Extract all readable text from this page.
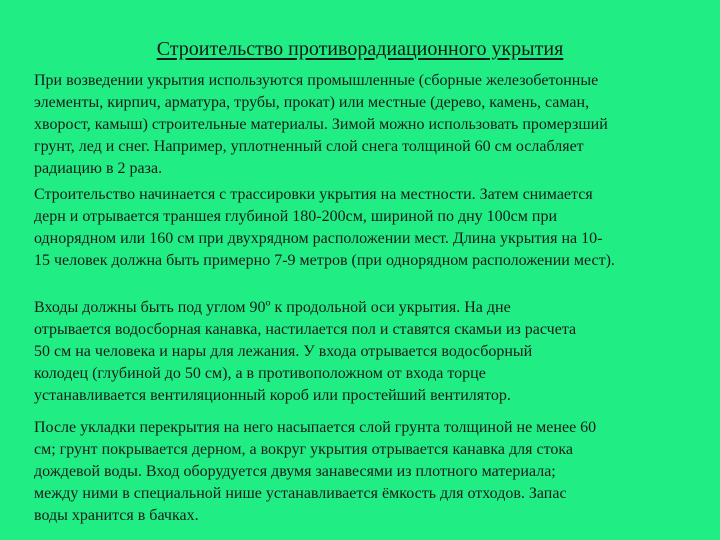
Строительство противорадиационного укрытия

При возведении укрытия используются промышленные (сборные железобетонные
элементы, кирпич, арматура, трубы, прокат) или местные (дерево, камень, саман,
хворост, камыш) строительные материалы. Зимой можно использовать промерзший
грунт, лед и снег. Например, уплотненный слой снега толщиной 60 см ослабляет
радиацию в 2 раза.

Строительство начинается с трассировки укрытия на местности. Затем снимается
дерн и отрывается траншея глубиной 180-200см, шириной по дну 100см при
однорядном или 160 см при двухрядном расположении мест. Длина укрытия на 10-
15 человек должна быть примерно 7-9 метров (при однорядном расположении мест).

Входы должны быть под углом 90º к продольной оси укрытия. На дне
отрывается водосборная канавка, настилается пол и ставятся скамьи из расчета
50 см на человека и нары для лежания. У входа отрывается водосборный
колодец (глубиной до 50 см), а в противоположном от входа торце
устанавливается вентиляционный короб или простейший вентилятор.

После укладки перекрытия на него насыпается слой грунта толщиной не менее 60
см; грунт покрывается дерном, а вокруг укрытия отрывается канавка для стока
дождевой воды. Вход оборудуется двумя занавесями из плотного материала;
между ними в специальной нише устанавливается ёмкость для отходов. Запас
воды хранится в бачках.
